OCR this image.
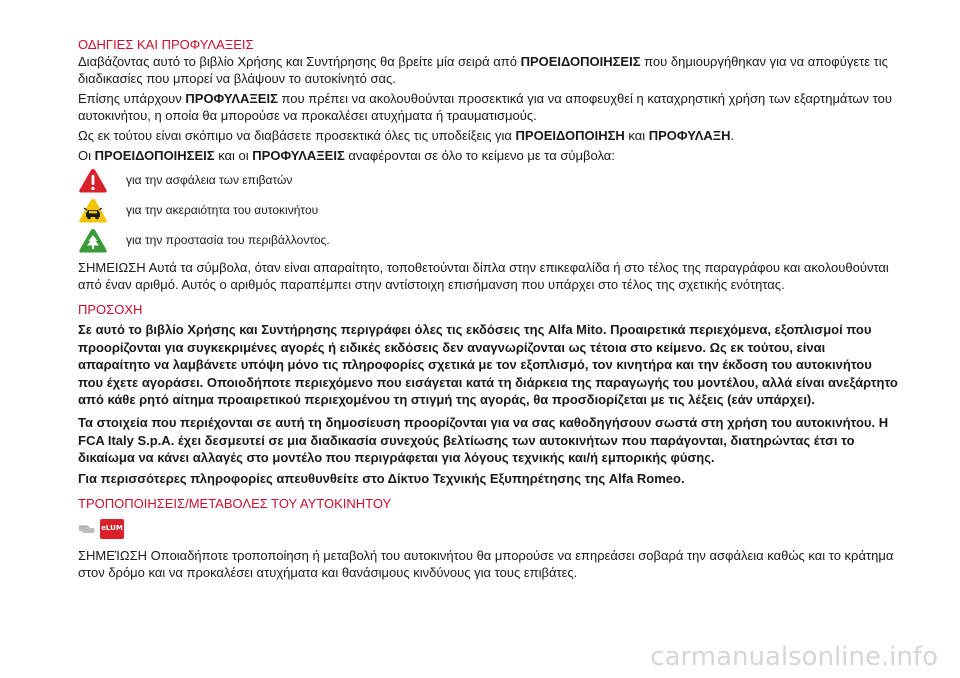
ΟΔΗΓΙΕΣ ΚΑΙ ΠΡΟΦΥΛΑΞΕΙΣ

Διαβάζοντας αυτό το βιβλίο Χρήσης και Συντήρησης θα βρείτε μία σειρά από ΠΡΟΕΙΔΟΠΟΙΗΣΕΙΣ που δημιουργήθηκαν για να αποφύγετε τις διαδικασίες που μπορεί να βλάψουν το αυτοκίνητό σας.

Επίσης υπάρχουν ΠΡΟΦΥΛΑΞΕΙΣ που πρέπει να ακολουθούνται προσεκτικά για να αποφευχθεί η καταχρηστική χρήση των εξαρτημάτων του αυτοκινήτου, η οποία θα μπορούσε να προκαλέσει ατυχήματα ή τραυματισμούς.

Ως εκ τούτου είναι σκόπιμο να διαβάσετε προσεκτικά όλες τις υποδείξεις για ΠΡΟΕΙΔΟΠΟΙΗΣΗ και ΠΡΟΦΥΛΑΞΗ.

Οι ΠΡΟΕΙΔΟΠΟΙΗΣΕΙΣ και οι ΠΡΟΦΥΛΑΞΕΙΣ αναφέρονται σε όλο το κείμενο με τα σύμβολα:

για την ασφάλεια των επιβατών
για την ακεραιότητα του αυτοκινήτου
για την προστασία του περιβάλλοντος.

ΣΗΜΕΙΩΣΗ Αυτά τα σύμβολα, όταν είναι απαραίτητο, τοποθετούνται δίπλα στην επικεφαλίδα ή στο τέλος της παραγράφου και ακολουθούνται από έναν αριθμό. Αυτός ο αριθμός παραπέμπει στην αντίστοιχη επισήμανση που υπάρχει στο τέλος της σχετικής ενότητας.

ΠΡΟΣΟΧΗ

Σε αυτό το βιβλίο Χρήσης και Συντήρησης περιγράφει όλες τις εκδόσεις της Alfa Mito. Προαιρετικά περιεχόμενα, εξοπλισμοί που προορίζονται για συγκεκριμένες αγορές ή ειδικές εκδόσεις δεν αναγνωρίζονται ως τέτοια στο κείμενο. Ως εκ τούτου, είναι απαραίτητο να λαμβάνετε υπόψη μόνο τις πληροφορίες σχετικά με τον εξοπλισμό, τον κινητήρα και την έκδοση του αυτοκινήτου που έχετε αγοράσει. Οποιοδήποτε περιεχόμενο που εισάγεται κατά τη διάρκεια της παραγωγής του μοντέλου, αλλά είναι ανεξάρτητο από κάθε ρητό αίτημα προαιρετικού περιεχομένου τη στιγμή της αγοράς, θα προσδιορίζεται με τις λέξεις (εάν υπάρχει).

Τα στοιχεία που περιέχονται σε αυτή τη δημοσίευση προορίζονται για να σας καθοδηγήσουν σωστά στη χρήση του αυτοκινήτου. Η FCA Italy S.p.A. έχει δεσμευτεί σε μια διαδικασία συνεχούς βελτίωσης των αυτοκινήτων που παράγονται, διατηρώντας έτσι το δικαίωμα να κάνει αλλαγές στο μοντέλο που περιγράφεται για λόγους τεχνικής και/ή εμπορικής φύσης.

Για περισσότερες πληροφορίες απευθυνθείτε στο Δίκτυο Τεχνικής Εξυπηρέτησης της Alfa Romeo.

ΤΡΟΠΟΠΟΙΗΣΕΙΣ/ΜΕΤΑΒΟΛΕΣ ΤΟΥ ΑΥΤΟΚΙΝΗΤΟΥ
eLUM

ΣΗΜΕΊΩΣΗ Οποιαδήποτε τροποποίηση ή μεταβολή του αυτοκινήτου θα μπορούσε να επηρεάσει σοβαρά την ασφάλεια καθώς και το κράτημα στον δρόμο και να προκαλέσει ατυχήματα και θανάσιμους κινδύνους για τους επιβάτες.

carmanualsonline.info
